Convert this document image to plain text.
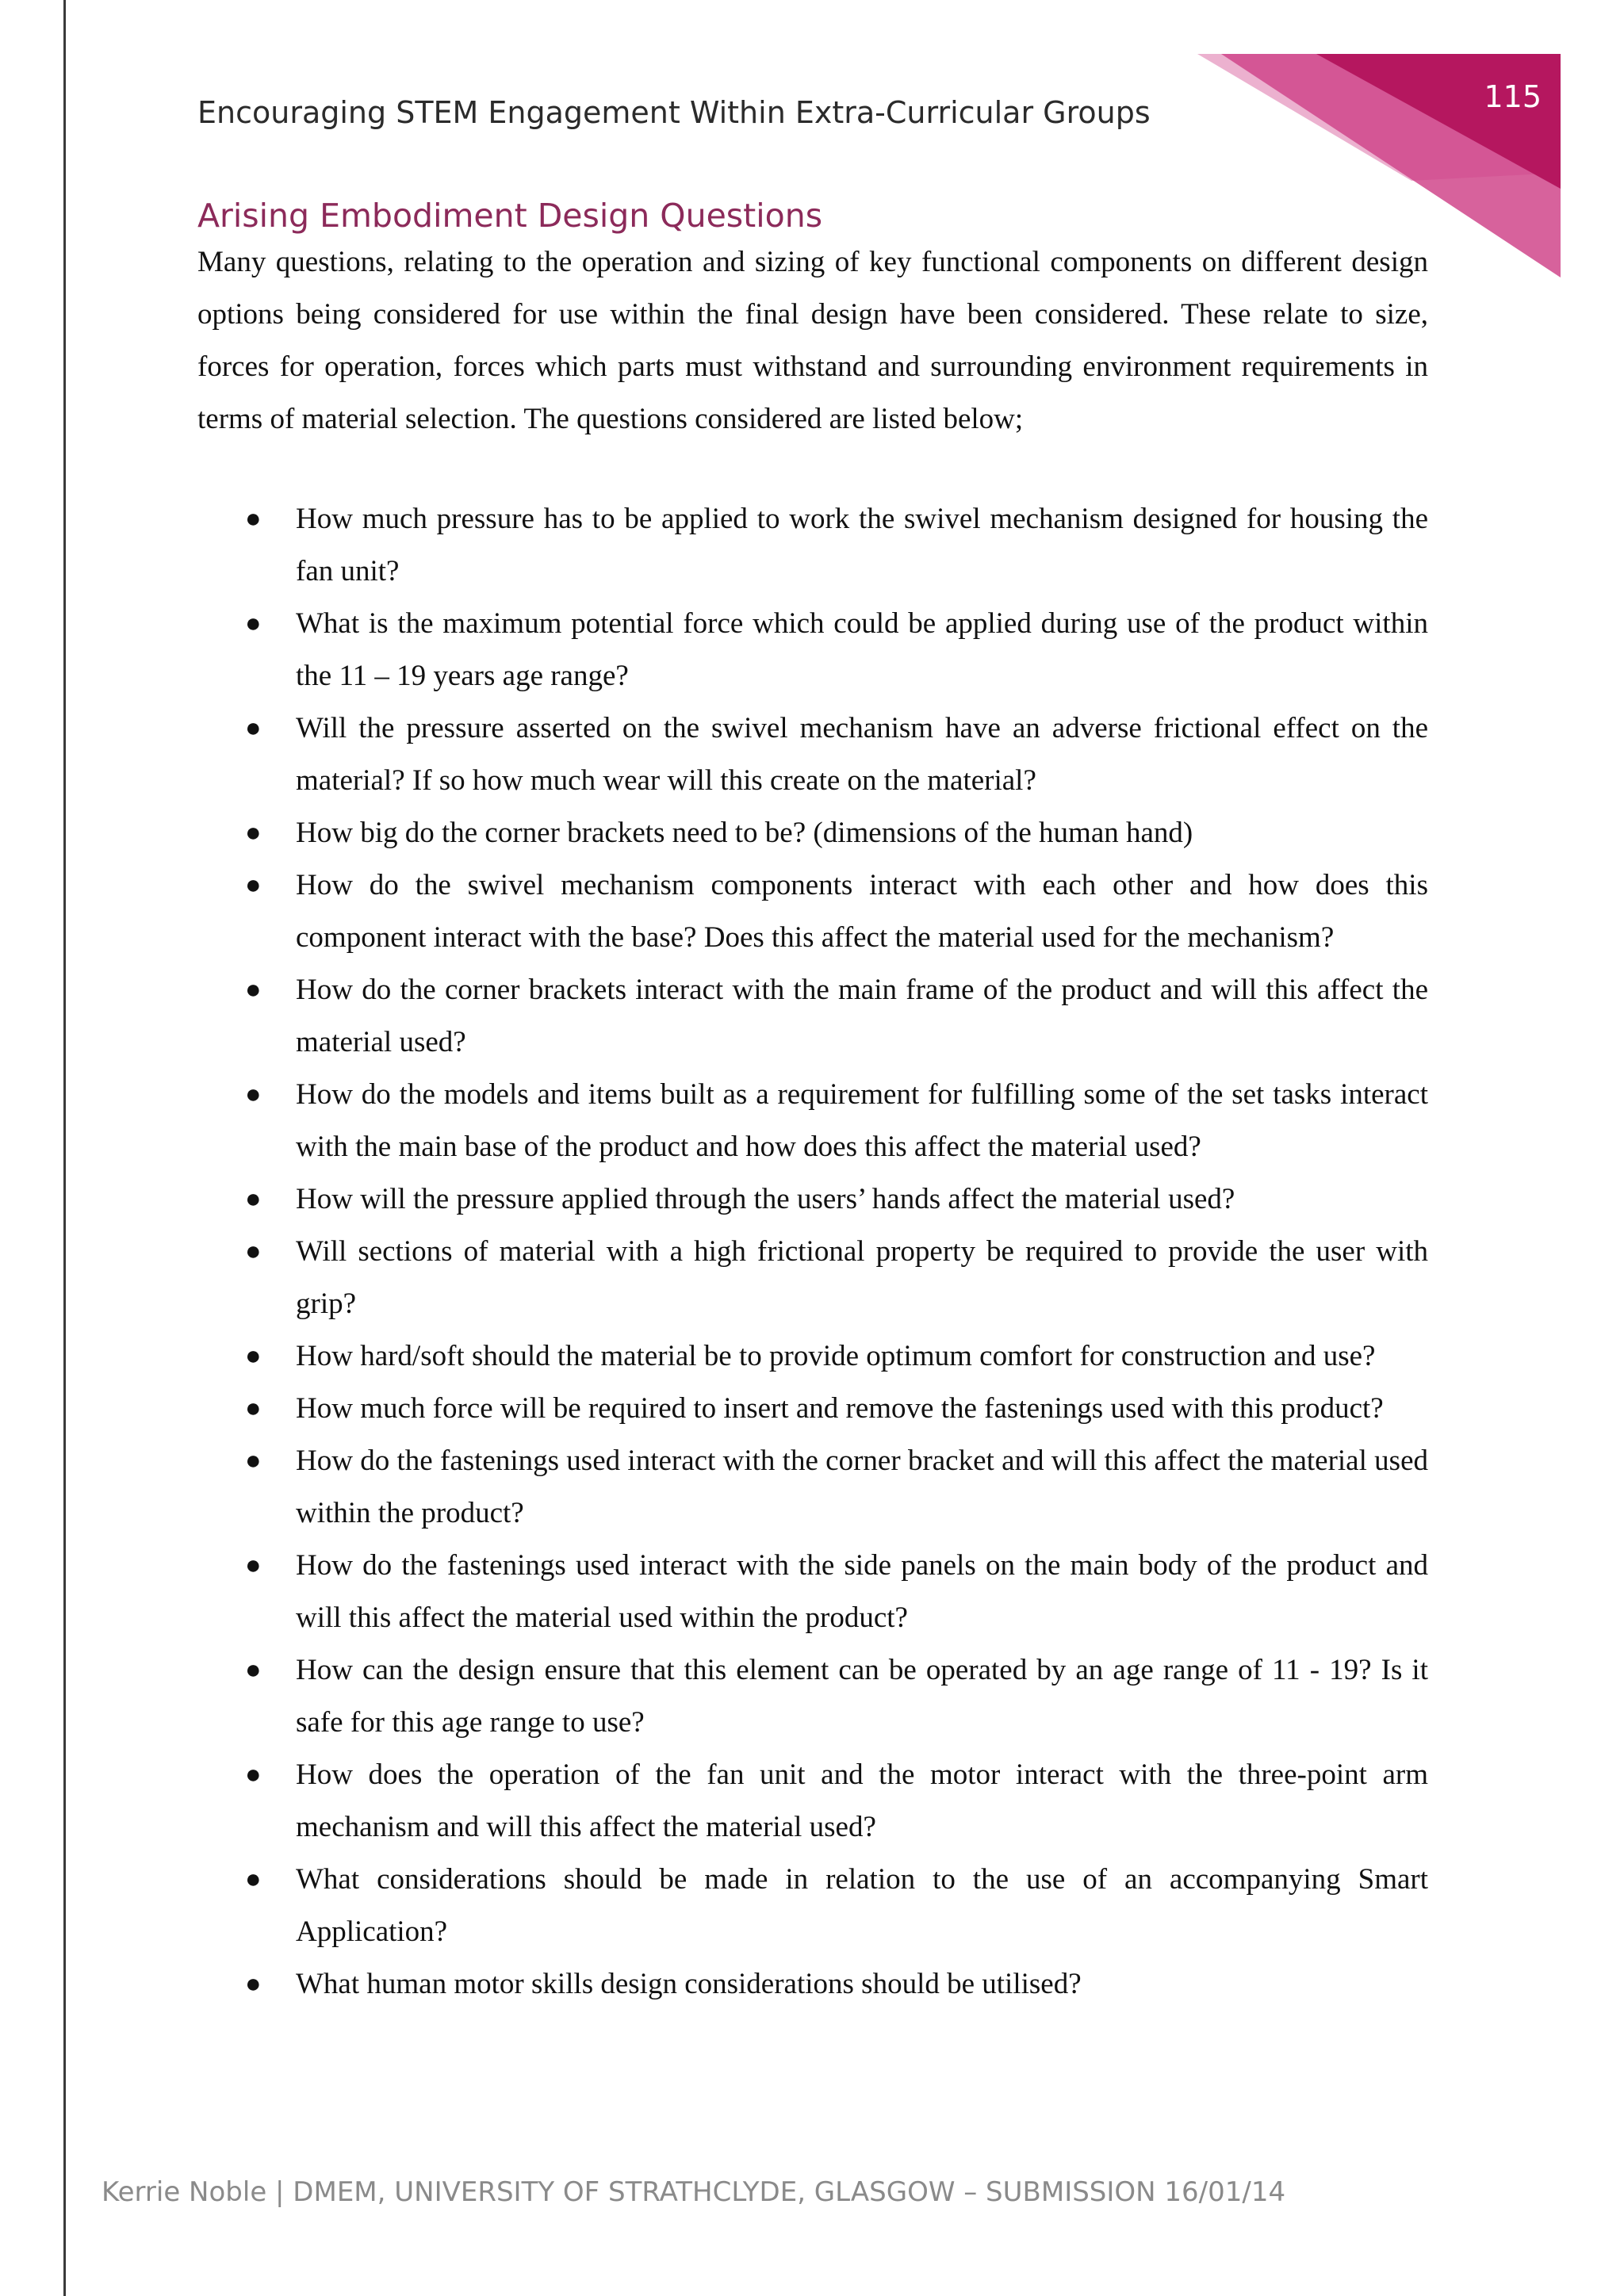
115
Encouraging STEM Engagement Within Extra-Curricular Groups
Arising Embodiment Design Questions

Many questions, relating to the operation and sizing of key functional components on different design options being considered for use within the final design have been considered. These relate to size, forces for operation, forces which parts must withstand and surrounding environment requirements in terms of material selection. The questions considered are listed below;

● How much pressure has to be applied to work the swivel mechanism designed for housing the fan unit?
● What is the maximum potential force which could be applied during use of the product within the 11 – 19 years age range?
● Will the pressure asserted on the swivel mechanism have an adverse frictional effect on the material? If so how much wear will this create on the material?
● How big do the corner brackets need to be? (dimensions of the human hand)
● How do the swivel mechanism components interact with each other and how does this component interact with the base? Does this affect the material used for the mechanism?
● How do the corner brackets interact with the main frame of the product and will this affect the material used?
● How do the models and items built as a requirement for fulfilling some of the set tasks interact with the main base of the product and how does this affect the material used?
● How will the pressure applied through the users’ hands affect the material used?
● Will sections of material with a high frictional property be required to provide the user with grip?
● How hard/soft should the material be to provide optimum comfort for construction and use?
● How much force will be required to insert and remove the fastenings used with this product?
● How do the fastenings used interact with the corner bracket and will this affect the material used within the product?
● How do the fastenings used interact with the side panels on the main body of the product and will this affect the material used within the product?
● How can the design ensure that this element can be operated by an age range of 11 - 19? Is it safe for this age range to use?
● How does the operation of the fan unit and the motor interact with the three-point arm mechanism and will this affect the material used?
● What considerations should be made in relation to the use of an accompanying Smart Application?
● What human motor skills design considerations should be utilised?
Kerrie Noble | DMEM, UNIVERSITY OF STRATHCLYDE, GLASGOW – SUBMISSION 16/01/14
